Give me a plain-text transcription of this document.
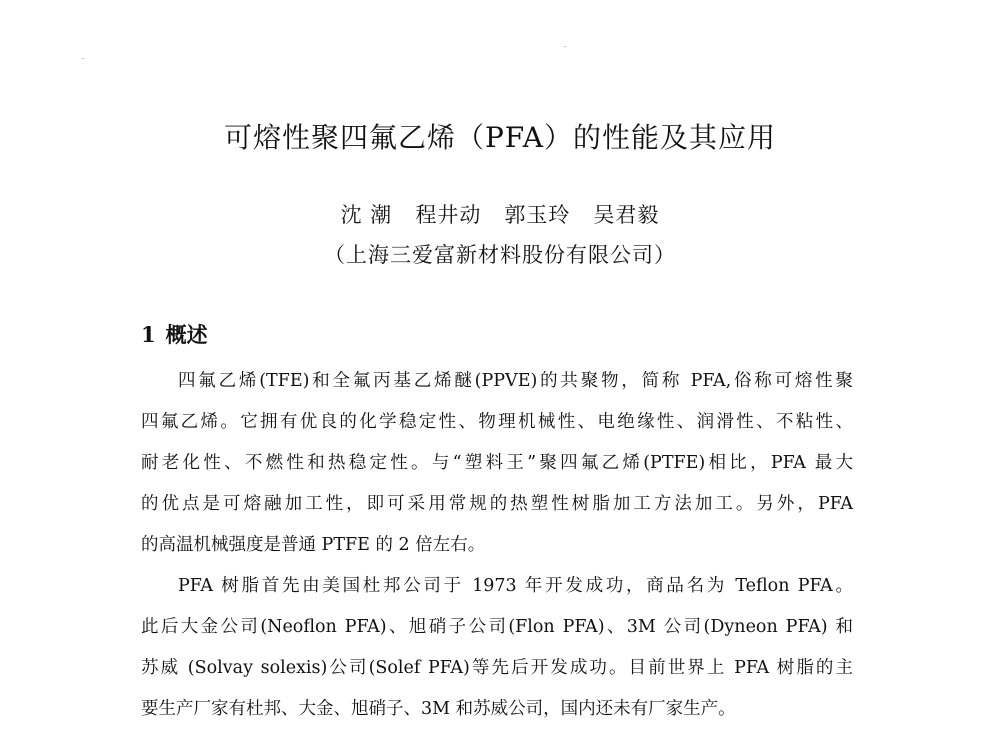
可熔性聚四氟乙烯（PFA）的性能及其应用
沈 潮 程井动 郭玉玲 吴君毅
（上海三爱富新材料股份有限公司）
1 概述
四氟乙烯(TFE)和全氟丙基乙烯醚(PPVE)的共聚物，简称 PFA,俗称可熔性聚
四氟乙烯。它拥有优良的化学稳定性、物理机械性、电绝缘性、润滑性、不粘性、
耐老化性、不燃性和热稳定性。与“塑料王”聚四氟乙烯(PTFE)相比，PFA 最大
的优点是可熔融加工性，即可采用常规的热塑性树脂加工方法加工。另外，PFA
的高温机械强度是普通 PTFE 的 2 倍左右。
PFA 树脂首先由美国杜邦公司于 1973 年开发成功，商品名为 Teflon PFA。
此后大金公司(Neoflon PFA)、旭硝子公司(Flon PFA)、3M 公司(Dyneon PFA) 和
苏威 (Solvay solexis)公司(Solef PFA)等先后开发成功。目前世界上 PFA 树脂的主
要生产厂家有杜邦、大金、旭硝子、3M 和苏威公司，国内还未有厂家生产。
